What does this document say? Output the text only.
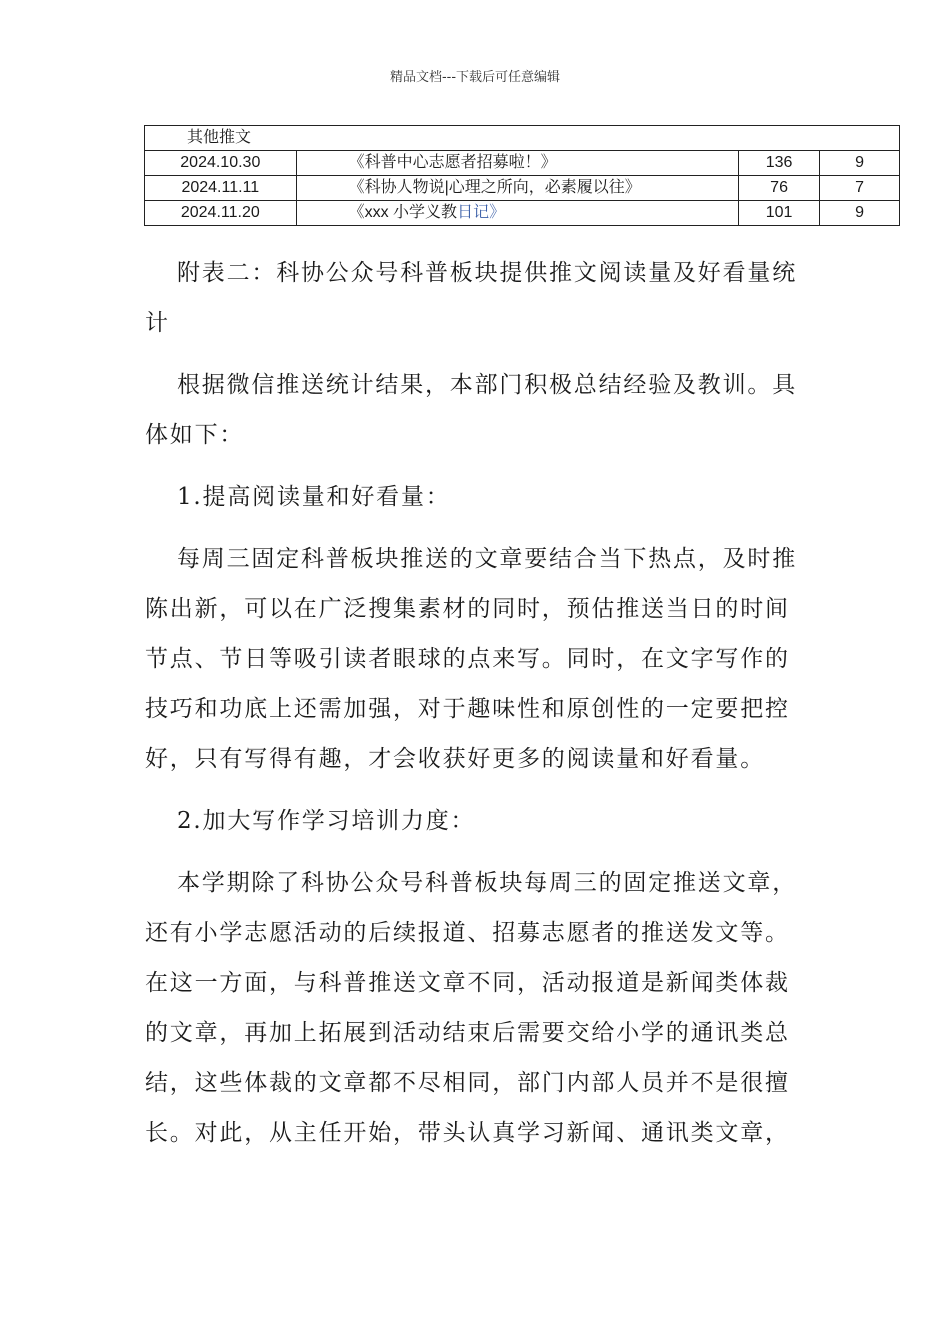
精品文档---下载后可任意编辑
其他推文			
2024.10.30	《科普中心志愿者招募啦！》	136	9
2024.11.11	《科协人物说|心理之所向，必素履以往》	76	7
2024.11.20	《xxx 小学义教日记》	101	9

附表二：科协公众号科普板块提供推文阅读量及好看量统计

根据微信推送统计结果，本部门积极总结经验及教训。具体如下：

1.提高阅读量和好看量：

每周三固定科普板块推送的文章要结合当下热点，及时推陈出新，可以在广泛搜集素材的同时，预估推送当日的时间节点、节日等吸引读者眼球的点来写。同时，在文字写作的技巧和功底上还需加强，对于趣味性和原创性的一定要把控好，只有写得有趣，才会收获好更多的阅读量和好看量。

2.加大写作学习培训力度：

本学期除了科协公众号科普板块每周三的固定推送文章，还有小学志愿活动的后续报道、招募志愿者的推送发文等。在这一方面，与科普推送文章不同，活动报道是新闻类体裁的文章，再加上拓展到活动结束后需要交给小学的通讯类总结，这些体裁的文章都不尽相同，部门内部人员并不是很擅长。对此，从主任开始，带头认真学习新闻、通讯类文章，
